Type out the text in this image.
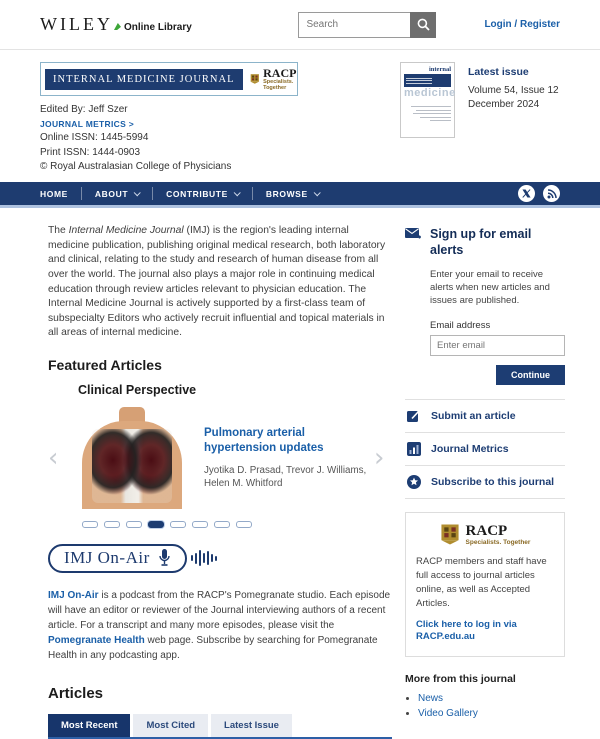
WILEY Online Library
Search	Login / Register
INTERNAL MEDICINE JOURNAL	RACP
Specialists. Together
Edited By: Jeff Szer
JOURNAL METRICS >
Online ISSN: 1445-5994
Print ISSN: 1444-0903
© Royal Australasian College of Physicians
internal
medicine
Latest issue
Volume 54, Issue 12
December 2024
HOME	ABOUT	CONTRIBUTE	BROWSE

The Internal Medicine Journal (IMJ) is the region's leading internal medicine publication, publishing original medical research, both laboratory and clinical, relating to the study and research of human disease from all over the world. The journal also plays a major role in continuing medical education through review articles relevant to physician education. The Internal Medicine Journal is actively supported by a first-class team of subspecialty Editors who actively recruit influential and topical materials in all areas of internal medicine.

Featured Articles
Clinical Perspective
‹
Pulmonary arterial hypertension updates
Jyotika D. Prasad, Trevor J. Williams, Helen M. Whitford
›
IMJ On-Air

IMJ On-Air is a podcast from the RACP's Pomegranate studio. Each episode will have an editor or reviewer of the Journal interviewing authors of a recent article. For a transcript and many more episodes, please visit the Pomegranate Health web page. Subscribe by searching for Pomegranate Health in any podcasting app.

Articles
Most Recent	Most Cited	Latest Issue
Sign up for email alerts
Enter your email to receive alerts when new articles and issues are published.
Email address
Enter email
Continue
Submit an article
Journal Metrics
Subscribe to this journal
RACP
Specialists. Together
RACP members and staff have full access to journal articles online, as well as Accepted Articles.
Click here to log in via RACP.edu.au
More from this journal
• News
• Video Gallery
